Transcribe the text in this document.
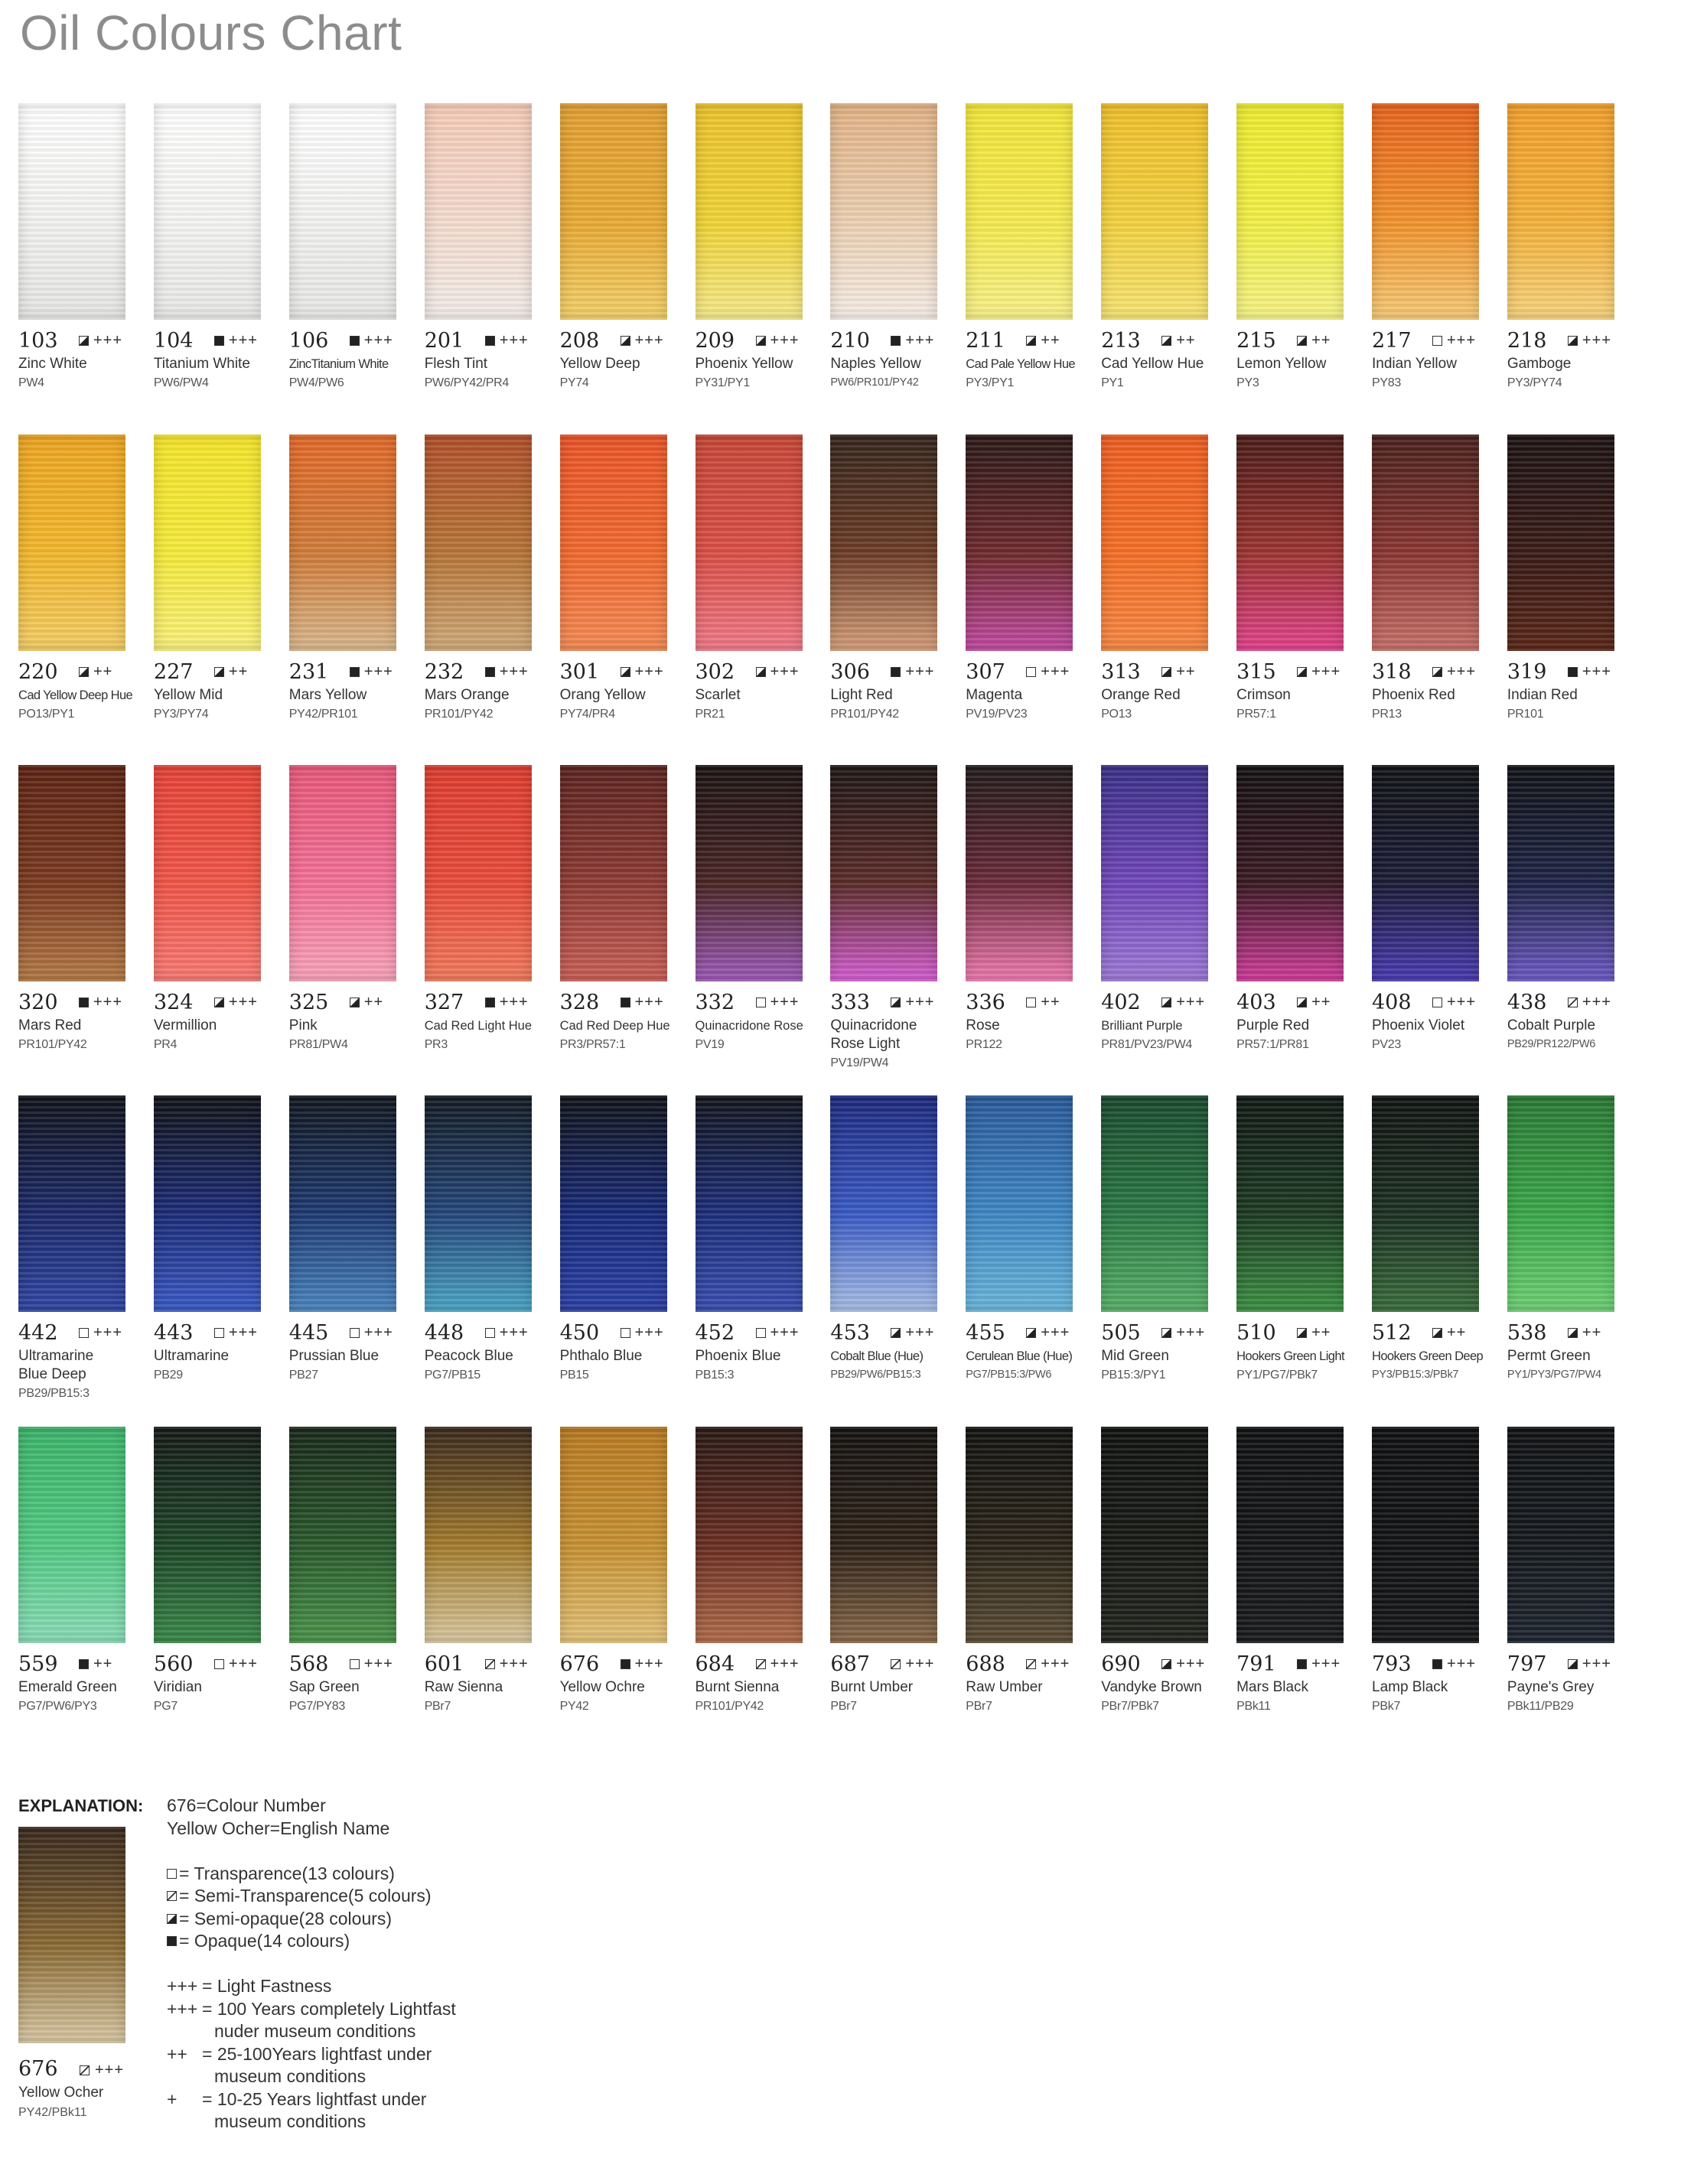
Oil Colours Chart
103 +++
Zinc White
PW4
104 +++
Titanium White
PW6/PW4
106 +++
ZincTitanium White
PW4/PW6
201 +++
Flesh Tint
PW6/PY42/PR4
208 +++
Yellow Deep
PY74
209 +++
Phoenix Yellow
PY31/PY1
210 +++
Naples Yellow
PW6/PR101/PY42
211 ++
Cad Pale Yellow Hue
PY3/PY1
213 ++
Cad Yellow Hue
PY1
215 ++
Lemon Yellow
PY3
217 +++
Indian Yellow
PY83
218 +++
Gamboge
PY3/PY74
220 ++
Cad Yellow Deep Hue
PO13/PY1
227 ++
Yellow Mid
PY3/PY74
231 +++
Mars Yellow
PY42/PR101
232 +++
Mars Orange
PR101/PY42
301 +++
Orang Yellow
PY74/PR4
302 +++
Scarlet
PR21
306 +++
Light Red
PR101/PY42
307 +++
Magenta
PV19/PV23
313 ++
Orange Red
PO13
315 +++
Crimson
PR57:1
318 +++
Phoenix Red
PR13
319 +++
Indian Red
PR101
320 +++
Mars Red
PR101/PY42
324 +++
Vermillion
PR4
325 ++
Pink
PR81/PW4
327 +++
Cad Red Light Hue
PR3
328 +++
Cad Red Deep Hue
PR3/PR57:1
332 +++
Quinacridone Rose
PV19
333 +++
Quinacridone
Rose Light
PV19/PW4
336 ++
Rose
PR122
402 +++
Brilliant Purple
PR81/PV23/PW4
403 ++
Purple Red
PR57:1/PR81
408 +++
Phoenix Violet
PV23
438 +++
Cobalt Purple
PB29/PR122/PW6
442 +++
Ultramarine
Blue Deep
PB29/PB15:3
443 +++
Ultramarine
PB29
445 +++
Prussian Blue
PB27
448 +++
Peacock Blue
PG7/PB15
450 +++
Phthalo Blue
PB15
452 +++
Phoenix Blue
PB15:3
453 +++
Cobalt Blue (Hue)
PB29/PW6/PB15:3
455 +++
Cerulean Blue (Hue)
PG7/PB15:3/PW6
505 +++
Mid Green
PB15:3/PY1
510 ++
Hookers Green Light
PY1/PG7/PBk7
512 ++
Hookers Green Deep
PY3/PB15:3/PBk7
538 ++
Permt Green
PY1/PY3/PG7/PW4
559 ++
Emerald Green
PG7/PW6/PY3
560 +++
Viridian
PG7
568 +++
Sap Green
PG7/PY83
601 +++
Raw Sienna
PBr7
676 +++
Yellow Ochre
PY42
684 +++
Burnt Sienna
PR101/PY42
687 +++
Burnt Umber
PBr7
688 +++
Raw Umber
PBr7
690 +++
Vandyke Brown
PBr7/PBk7
791 +++
Mars Black
PBk11
793 +++
Lamp Black
PBk7
797 +++
Payne's Grey
PBk11/PB29
EXPLANATION:
676 +++
Yellow Ocher
PY42/PBk11
676=Colour Number
Yellow Ocher=English Name
= Transparence(13 colours)
= Semi-Transparence(5 colours)
= Semi-opaque(28 colours)
= Opaque(14 colours)
+++ = Light Fastness
+++ = 100 Years completely Lightfast
nuder museum conditions
++ = 25-100Years lightfast under
museum conditions
+ = 10-25 Years lightfast under
museum conditions
